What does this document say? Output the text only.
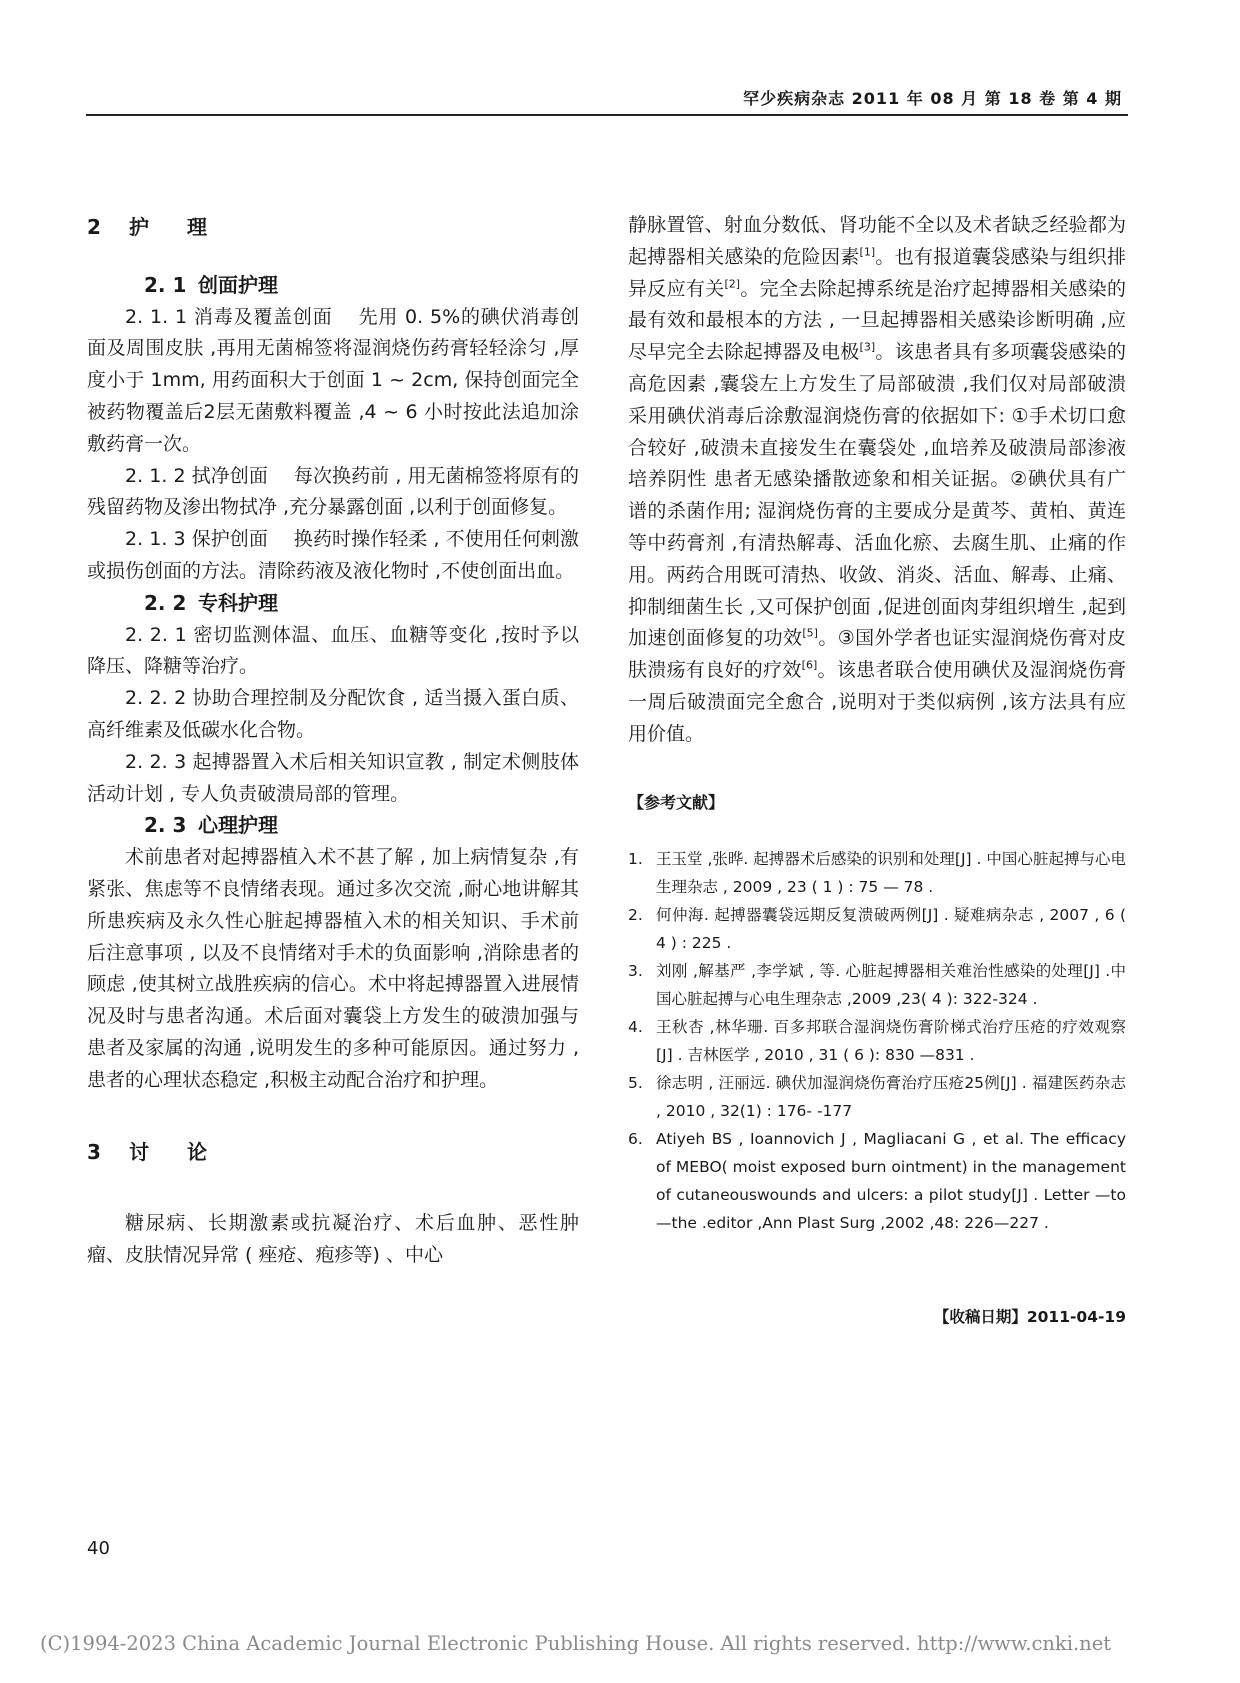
罕少疾病杂志 2011 年 08 月 第 18 卷 第 4 期
2 护 理
2. 1 创面护理

2. 1. 1 消毒及覆盖创面 先用 0. 5%的碘伏消毒创面及周围皮肤 ,再用无菌棉签将湿润烧伤药膏轻轻涂匀 ,厚度小于 1mm, 用药面积大于创面 1 ~ 2cm, 保持创面完全被药物覆盖后2层无菌敷料覆盖 ,4 ~ 6 小时按此法追加涂敷药膏一次。

2. 1. 2 拭净创面 每次换药前 , 用无菌棉签将原有的残留药物及渗出物拭净 ,充分暴露创面 ,以利于创面修复。

2. 1. 3 保护创面 换药时操作轻柔 , 不使用任何刺激或损伤创面的方法。清除药液及液化物时 ,不使创面出血。

2. 2 专科护理

2. 2. 1 密切监测体温、血压、血糖等变化 ,按时予以降压、降糖等治疗。

2. 2. 2 协助合理控制及分配饮食 , 适当摄入蛋白质、高纤维素及低碳水化合物。

2. 2. 3 起搏器置入术后相关知识宣教 , 制定术侧肢体活动计划 , 专人负责破溃局部的管理。

2. 3 心理护理

术前患者对起搏器植入术不甚了解 , 加上病情复杂 ,有紧张、焦虑等不良情绪表现。通过多次交流 ,耐心地讲解其所患疾病及永久性心脏起搏器植入术的相关知识、手术前后注意事项 , 以及不良情绪对手术的负面影响 ,消除患者的顾虑 ,使其树立战胜疾病的信心。术中将起搏器置入进展情况及时与患者沟通。术后面对囊袋上方发生的破溃加强与患者及家属的沟通 ,说明发生的多种可能原因。通过努力 ,患者的心理状态稳定 ,积极主动配合治疗和护理。

3 讨 论

糖尿病、长期激素或抗凝治疗、术后血肿、恶性肿瘤、皮肤情况异常 ( 痤疮、疱疹等) 、中心

静脉置管、射血分数低、肾功能不全以及术者缺乏经验都为起搏器相关感染的危险因素[1]。也有报道囊袋感染与组织排异反应有关[2]。完全去除起搏系统是治疗起搏器相关感染的最有效和最根本的方法 , 一旦起搏器相关感染诊断明确 ,应尽早完全去除起搏器及电极[3]。该患者具有多项囊袋感染的高危因素 ,囊袋左上方发生了局部破溃 ,我们仅对局部破溃采用碘伏消毒后涂敷湿润烧伤膏的依据如下: ①手术切口愈合较好 ,破溃未直接发生在囊袋处 ,血培养及破溃局部渗液培养阴性 患者无感染播散迹象和相关证据。②碘伏具有广谱的杀菌作用; 湿润烧伤膏的主要成分是黄芩、黄柏、黄连等中药膏剂 ,有清热解毒、活血化瘀、去腐生肌、止痛的作用。两药合用既可清热、收敛、消炎、活血、解毒、止痛、抑制细菌生长 ,又可保护创面 ,促进创面肉芽组织增生 ,起到加速创面修复的功效[5]。③国外学者也证实湿润烧伤膏对皮肤溃疡有良好的疗效[6]。该患者联合使用碘伏及湿润烧伤膏一周后破溃面完全愈合 ,说明对于类似病例 ,该方法具有应用价值。

【参考文献】
1. 王玉堂 ,张晔. 起搏器术后感染的识别和处理[J] . 中国心脏起搏与心电生理杂志 , 2009 , 23 ( 1 ) : 75 — 78 .
2. 何仲海. 起搏器囊袋远期反复溃破两例[J] . 疑难病杂志 , 2007 , 6 ( 4 ) : 225 .
3. 刘刚 ,解基严 ,李学斌 , 等. 心脏起搏器相关难治性感染的处理[J] .中国心脏起搏与心电生理杂志 ,2009 ,23( 4 ): 322-324 .
4. 王秋杏 ,林华珊. 百多邦联合湿润烧伤膏阶梯式治疗压疮的疗效观察[J] . 吉林医学 , 2010 , 31 ( 6 ): 830 —831 .
5. 徐志明 , 汪丽远. 碘伏加湿润烧伤膏治疗压疮25例[J] . 福建医药杂志 , 2010 , 32(1) : 176- -177
6. Atiyeh BS , Ioannovich J , Magliacani G , et al. The efficacy of MEBO( moist exposed burn ointment) in the management of cutaneouswounds and ulcers: a pilot study[J] . Letter —to—the .editor ,Ann Plast Surg ,2002 ,48: 226—227 .
【收稿日期】2011-04-19
40
(C)1994-2023 China Academic Journal Electronic Publishing House. All rights reserved. http://www.cnki.net
